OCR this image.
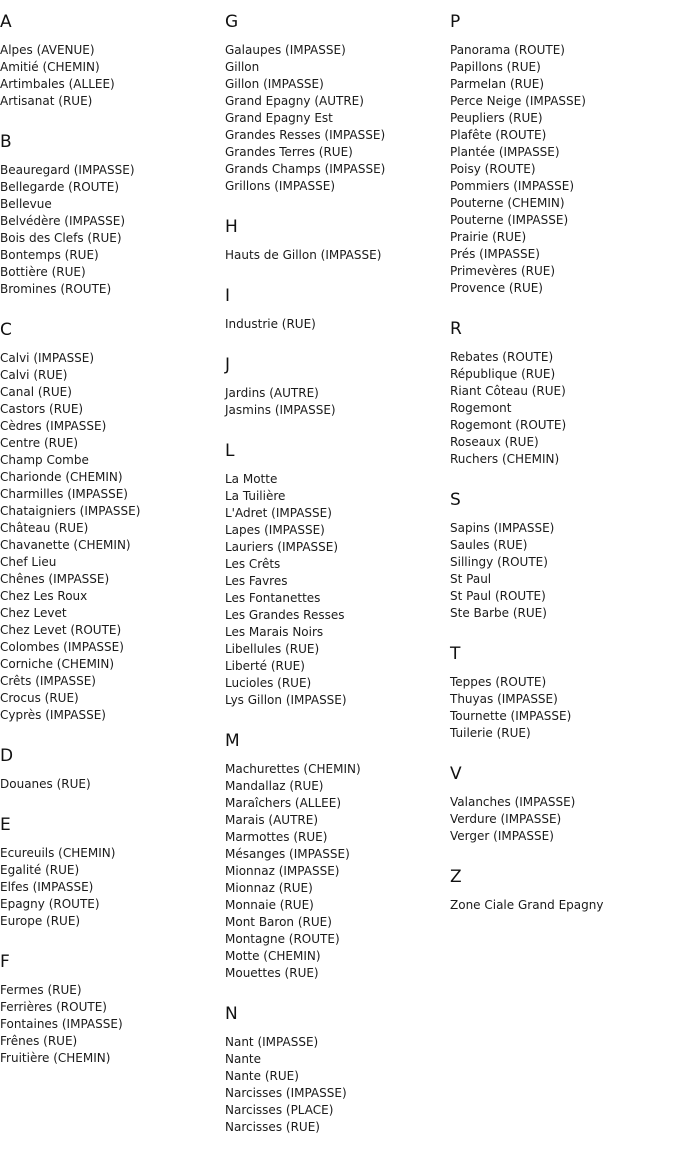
A
Alpes (AVENUE)
Amitié (CHEMIN)
Artimbales (ALLEE)
Artisanat (RUE)
B
Beauregard (IMPASSE)
Bellegarde (ROUTE)
Bellevue
Belvédère (IMPASSE)
Bois des Clefs (RUE)
Bontemps (RUE)
Bottière (RUE)
Bromines (ROUTE)
C
Calvi (IMPASSE)
Calvi (RUE)
Canal (RUE)
Castors (RUE)
Cèdres (IMPASSE)
Centre (RUE)
Champ Combe
Charionde (CHEMIN)
Charmilles (IMPASSE)
Chataigniers (IMPASSE)
Château (RUE)
Chavanette (CHEMIN)
Chef Lieu
Chênes (IMPASSE)
Chez Les Roux
Chez Levet
Chez Levet (ROUTE)
Colombes (IMPASSE)
Corniche (CHEMIN)
Crêts (IMPASSE)
Crocus (RUE)
Cyprès (IMPASSE)
D
Douanes (RUE)
E
Ecureuils (CHEMIN)
Egalité (RUE)
Elfes (IMPASSE)
Epagny (ROUTE)
Europe (RUE)
F
Fermes (RUE)
Ferrières (ROUTE)
Fontaines (IMPASSE)
Frênes (RUE)
Fruitière (CHEMIN)
G
Galaupes (IMPASSE)
Gillon
Gillon (IMPASSE)
Grand Epagny (AUTRE)
Grand Epagny Est
Grandes Resses (IMPASSE)
Grandes Terres (RUE)
Grands Champs (IMPASSE)
Grillons (IMPASSE)
H
Hauts de Gillon (IMPASSE)
I
Industrie (RUE)
J
Jardins (AUTRE)
Jasmins (IMPASSE)
L
La Motte
La Tuilière
L'Adret (IMPASSE)
Lapes (IMPASSE)
Lauriers (IMPASSE)
Les Crêts
Les Favres
Les Fontanettes
Les Grandes Resses
Les Marais Noirs
Libellules (RUE)
Liberté (RUE)
Lucioles (RUE)
Lys Gillon (IMPASSE)
M
Machurettes (CHEMIN)
Mandallaz (RUE)
Maraîchers (ALLEE)
Marais (AUTRE)
Marmottes (RUE)
Mésanges (IMPASSE)
Mionnaz (IMPASSE)
Mionnaz (RUE)
Monnaie (RUE)
Mont Baron (RUE)
Montagne (ROUTE)
Motte (CHEMIN)
Mouettes (RUE)
N
Nant (IMPASSE)
Nante
Nante (RUE)
Narcisses (IMPASSE)
Narcisses (PLACE)
Narcisses (RUE)
P
Panorama (ROUTE)
Papillons (RUE)
Parmelan (RUE)
Perce Neige (IMPASSE)
Peupliers (RUE)
Plafête (ROUTE)
Plantée (IMPASSE)
Poisy (ROUTE)
Pommiers (IMPASSE)
Pouterne (CHEMIN)
Pouterne (IMPASSE)
Prairie (RUE)
Prés (IMPASSE)
Primevères (RUE)
Provence (RUE)
R
Rebates (ROUTE)
République (RUE)
Riant Côteau (RUE)
Rogemont
Rogemont (ROUTE)
Roseaux (RUE)
Ruchers (CHEMIN)
S
Sapins (IMPASSE)
Saules (RUE)
Sillingy (ROUTE)
St Paul
St Paul (ROUTE)
Ste Barbe (RUE)
T
Teppes (ROUTE)
Thuyas (IMPASSE)
Tournette (IMPASSE)
Tuilerie (RUE)
V
Valanches (IMPASSE)
Verdure (IMPASSE)
Verger (IMPASSE)
Z
Zone Ciale Grand Epagny
